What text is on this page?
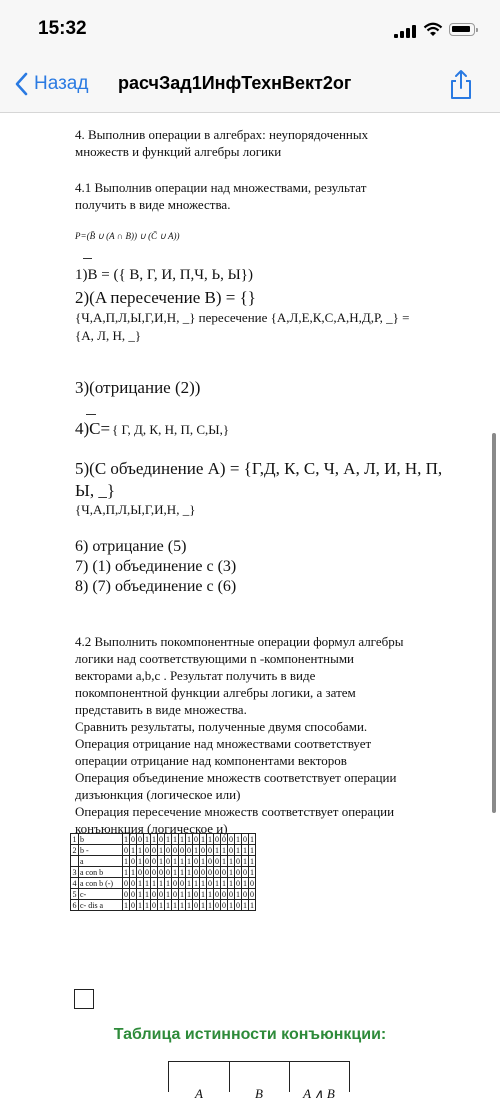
15:32
Назад расчЗад1ИнфТехнВект2ог
4. Выполнив операции в алгебрах: неупорядоченных
множеств и функций алгебры логики
4.1 Выполнив операции над множествами, результат
получить в виде множества.
P=(B̄ ∪ (A ∩ B)) ∪ (C̄ ∪ A))
1)B = ({ В, Г, И, П,Ч, Ь, Ы})
2)(A пересечение B) = {}
{Ч,А,П,Л,Ы,Г,И,Н, _} пересечение {А,Л,Е,К,С,А,Н,Д,Р, _} =
{А, Л, Н, _}
3)(отрицание (2))
4)C= { Г, Д, К, Н, П, С,Ы,}
5)(C объединение A) = {Г,Д, К, С, Ч, А, Л, И, Н, П,
Ы, _}
{Ч,А,П,Л,Ы,Г,И,Н, _}
6) отрицание (5)
7) (1) объединение с (3)
8) (7) объединение с (6)
4.2 Выполнить покомпонентные операции формул алгебры
логики над соответствующими n -компонентными
векторами a,b,c . Результат получить в виде
покомпонентной функции алгебры логики, а затем
представить в виде множества.
Сравнить результаты, полученные двумя способами.
Операция отрицание над множествами соответствует
операции отрицание над компонентами векторов
Операция объединение множеств соответствует операции
дизъюнкция (логическое или)
Операция пересечение множеств соответствует операции
конъюнкция (логическое и)
1	b	1	0	0	1	1	0	1	1	1	1	0	1	1	0	0	0	1	0	1
2	b -	0	1	1	0	0	1	0	0	0	0	1	0	0	1	1	0	1	1	1
	a	1	0	1	0	0	1	0	1	1	1	0	1	0	0	1	1	0	1	1
3	a con b	1	1	0	0	0	0	0	1	1	1	0	0	0	0	0	1	0	0	1
4	a con b (-)	0	0	1	1	1	1	1	0	0	1	1	1	0	1	1	1	0	1	0
5	c-	0	0	1	1	0	0	1	0	1	1	0	1	1	0	0	0	1	0	0
6	c- dis a	1	0	1	1	0	1	1	1	1	1	0	1	1	0	0	1	0	1	1
Таблица истинности конъюнкции:
A	B	A ∧ B
